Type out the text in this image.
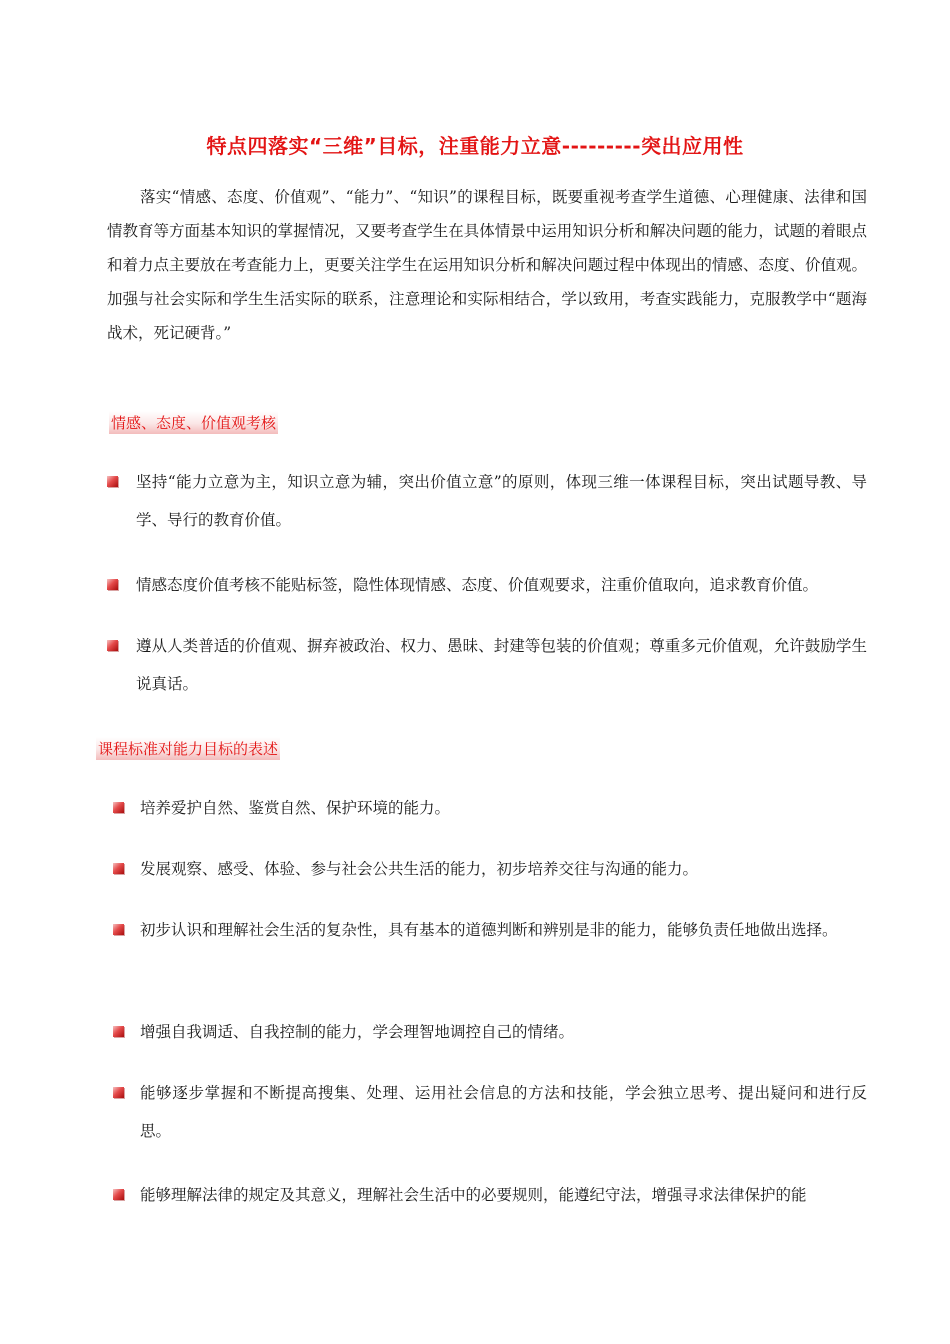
特点四落实“三维”目标，注重能力立意---------突出应用性

落实“情感、态度、价值观”、“能力”、“知识”的课程目标，既要重视考查学生道德、心理健康、法律和国情教育等方面基本知识的掌握情况，又要考查学生在具体情景中运用知识分析和解决问题的能力，试题的着眼点和着力点主要放在考查能力上，更要关注学生在运用知识分析和解决问题过程中体现出的情感、态度、价值观。加强与社会实际和学生生活实际的联系，注意理论和实际相结合，学以致用，考查实践能力，克服教学中“题海战术，死记硬背。”

情感、态度、价值观考核
坚持“能力立意为主，知识立意为辅，突出价值立意”的原则，体现三维一体课程目标，突出试题导教、导学、导行的教育价值。
情感态度价值考核不能贴标签，隐性体现情感、态度、价值观要求，注重价值取向，追求教育价值。
遵从人类普适的价值观、摒弃被政治、权力、愚昧、封建等包装的价值观；尊重多元价值观，允许鼓励学生说真话。
课程标准对能力目标的表述
培养爱护自然、鉴赏自然、保护环境的能力。
发展观察、感受、体验、参与社会公共生活的能力，初步培养交往与沟通的能力。
初步认识和理解社会生活的复杂性，具有基本的道德判断和辨别是非的能力，能够负责任地做出选择。
增强自我调适、自我控制的能力，学会理智地调控自己的情绪。
能够逐步掌握和不断提高搜集、处理、运用社会信息的方法和技能，学会独立思考、提出疑问和进行反思。
能够理解法律的规定及其意义，理解社会生活中的必要规则，能遵纪守法，增强寻求法律保护的能
